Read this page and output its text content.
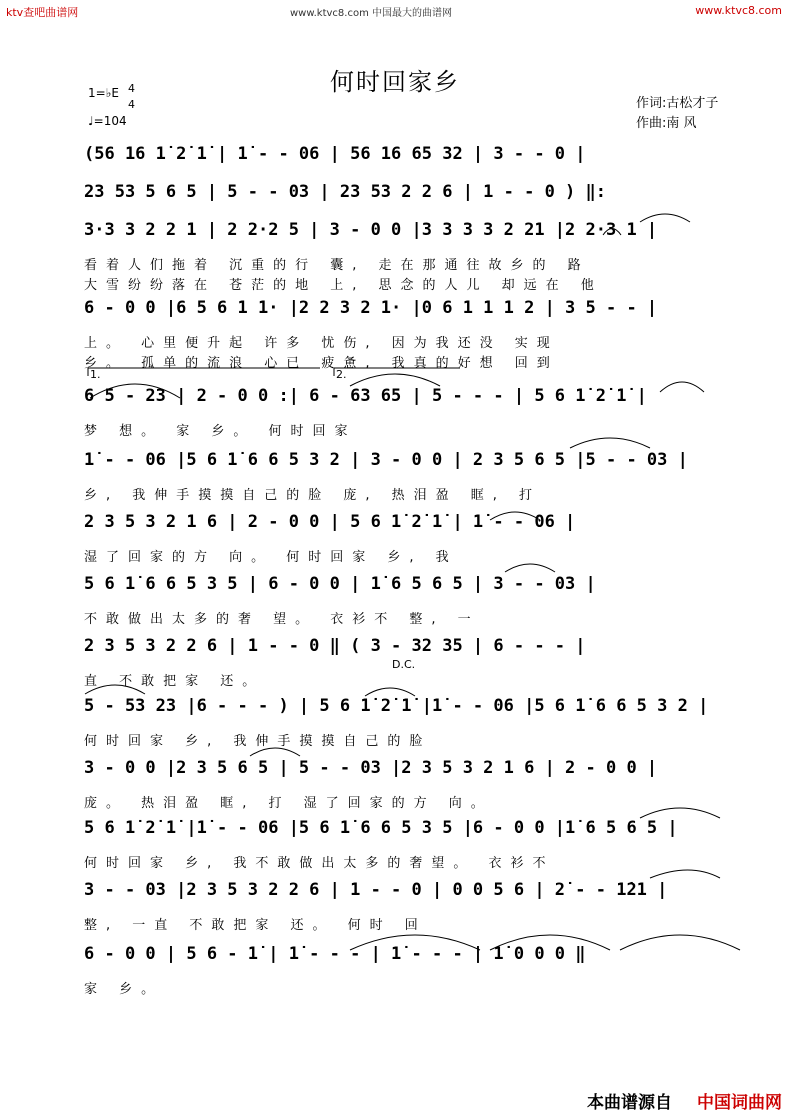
ktv查吧曲谱网	www.ktvc8.com 中国最大的曲谱网	www.ktvc8.com
何时回家乡
1=♭E 4
4
♩=104
作词:古松才子
作曲:南 风
(56 16 1̇ 2̇ 1̇ | 1̇ - - 06 | 56 16 65 32 | 3 - - 0 |
23 53 5 6 5 | 5 - - 03 | 23 53 2 2 6 | 1 - - 0 ) ‖:
3·3 3 2 2 1 | 2 2·2 5 | 3 - 0 0 |3 3 3 3 2 21 |2 2·3 1 |
看着人们拖着 沉重的行 囊, 走在那通往故乡的 路
大雪纷纷落在 苍茫的地 上, 思念的人儿 却远在 他
6 - 0 0 |6 5 6 1 1· |2 2 3 2 1· |0 6 1 1 1 2 | 3 5 - - |
上。 心里便升起 许多 忧伤, 因为我还没 实现
乡。 孤单的流浪 心已 疲惫, 我真的好想 回到
6 5 - 23 | 2 - 0 0 :| 6 - 63 65 | 5 - - - | 5 6 1̇ 2̇ 1̇ |
梦 想。 家 乡。 何时回家
1̇ - - 06 |5 6 1̇ 6 6 5 3 2 | 3 - 0 0 | 2 3 5 6 5 |5 - - 03 |
乡, 我伸手摸摸自己的脸 庞, 热泪盈 眶, 打
2 3 5 3 2 1 6 | 2 - 0 0 | 5 6 1̇ 2̇ 1̇ | 1̇ - - 06 |
湿了回家的方 向。 何时回家 乡, 我
5 6 1̇ 6 6 5 3 5 | 6 - 0 0 | 1̇ 6 5 6 5 | 3 - - 03 |
不敢做出太多的奢 望。 衣衫不 整, 一
2 3 5 3 2 2 6 | 1 - - 0 ‖ ( 3 - 32 35 | 6 - - - |
直 不敢把家 还。
D.C.
5 - 53 23 |6 - - - ) | 5 6 1̇ 2̇ 1̇ |1̇ - - 06 |5 6 1̇ 6 6 5 3 2 |
何时回家 乡, 我伸手摸摸自己的脸
3 - 0 0 |2 3 5 6 5 | 5 - - 03 |2 3 5 3 2 1 6 | 2 - 0 0 |
庞。 热泪盈 眶, 打 湿了回家的方 向。
5 6 1̇ 2̇ 1̇ |1̇ - - 06 |5 6 1̇ 6 6 5 3 5 |6 - 0 0 |1̇ 6 5 6 5 |
何时回家 乡, 我不敢做出太多的奢望。 衣衫不
3 - - 03 |2 3 5 3 2 2 6 | 1 - - 0 | 0 0 5 6 | 2̇ - - 1̇21 |
整, 一直 不敢把家 还。 何时 回
6 - 0 0 | 5 6 - 1̇ | 1̇ - - - | 1̇ - - - | 1̇ 0 0 0 ‖
家 乡。
1.	2.
本曲谱源自 中国词曲网
